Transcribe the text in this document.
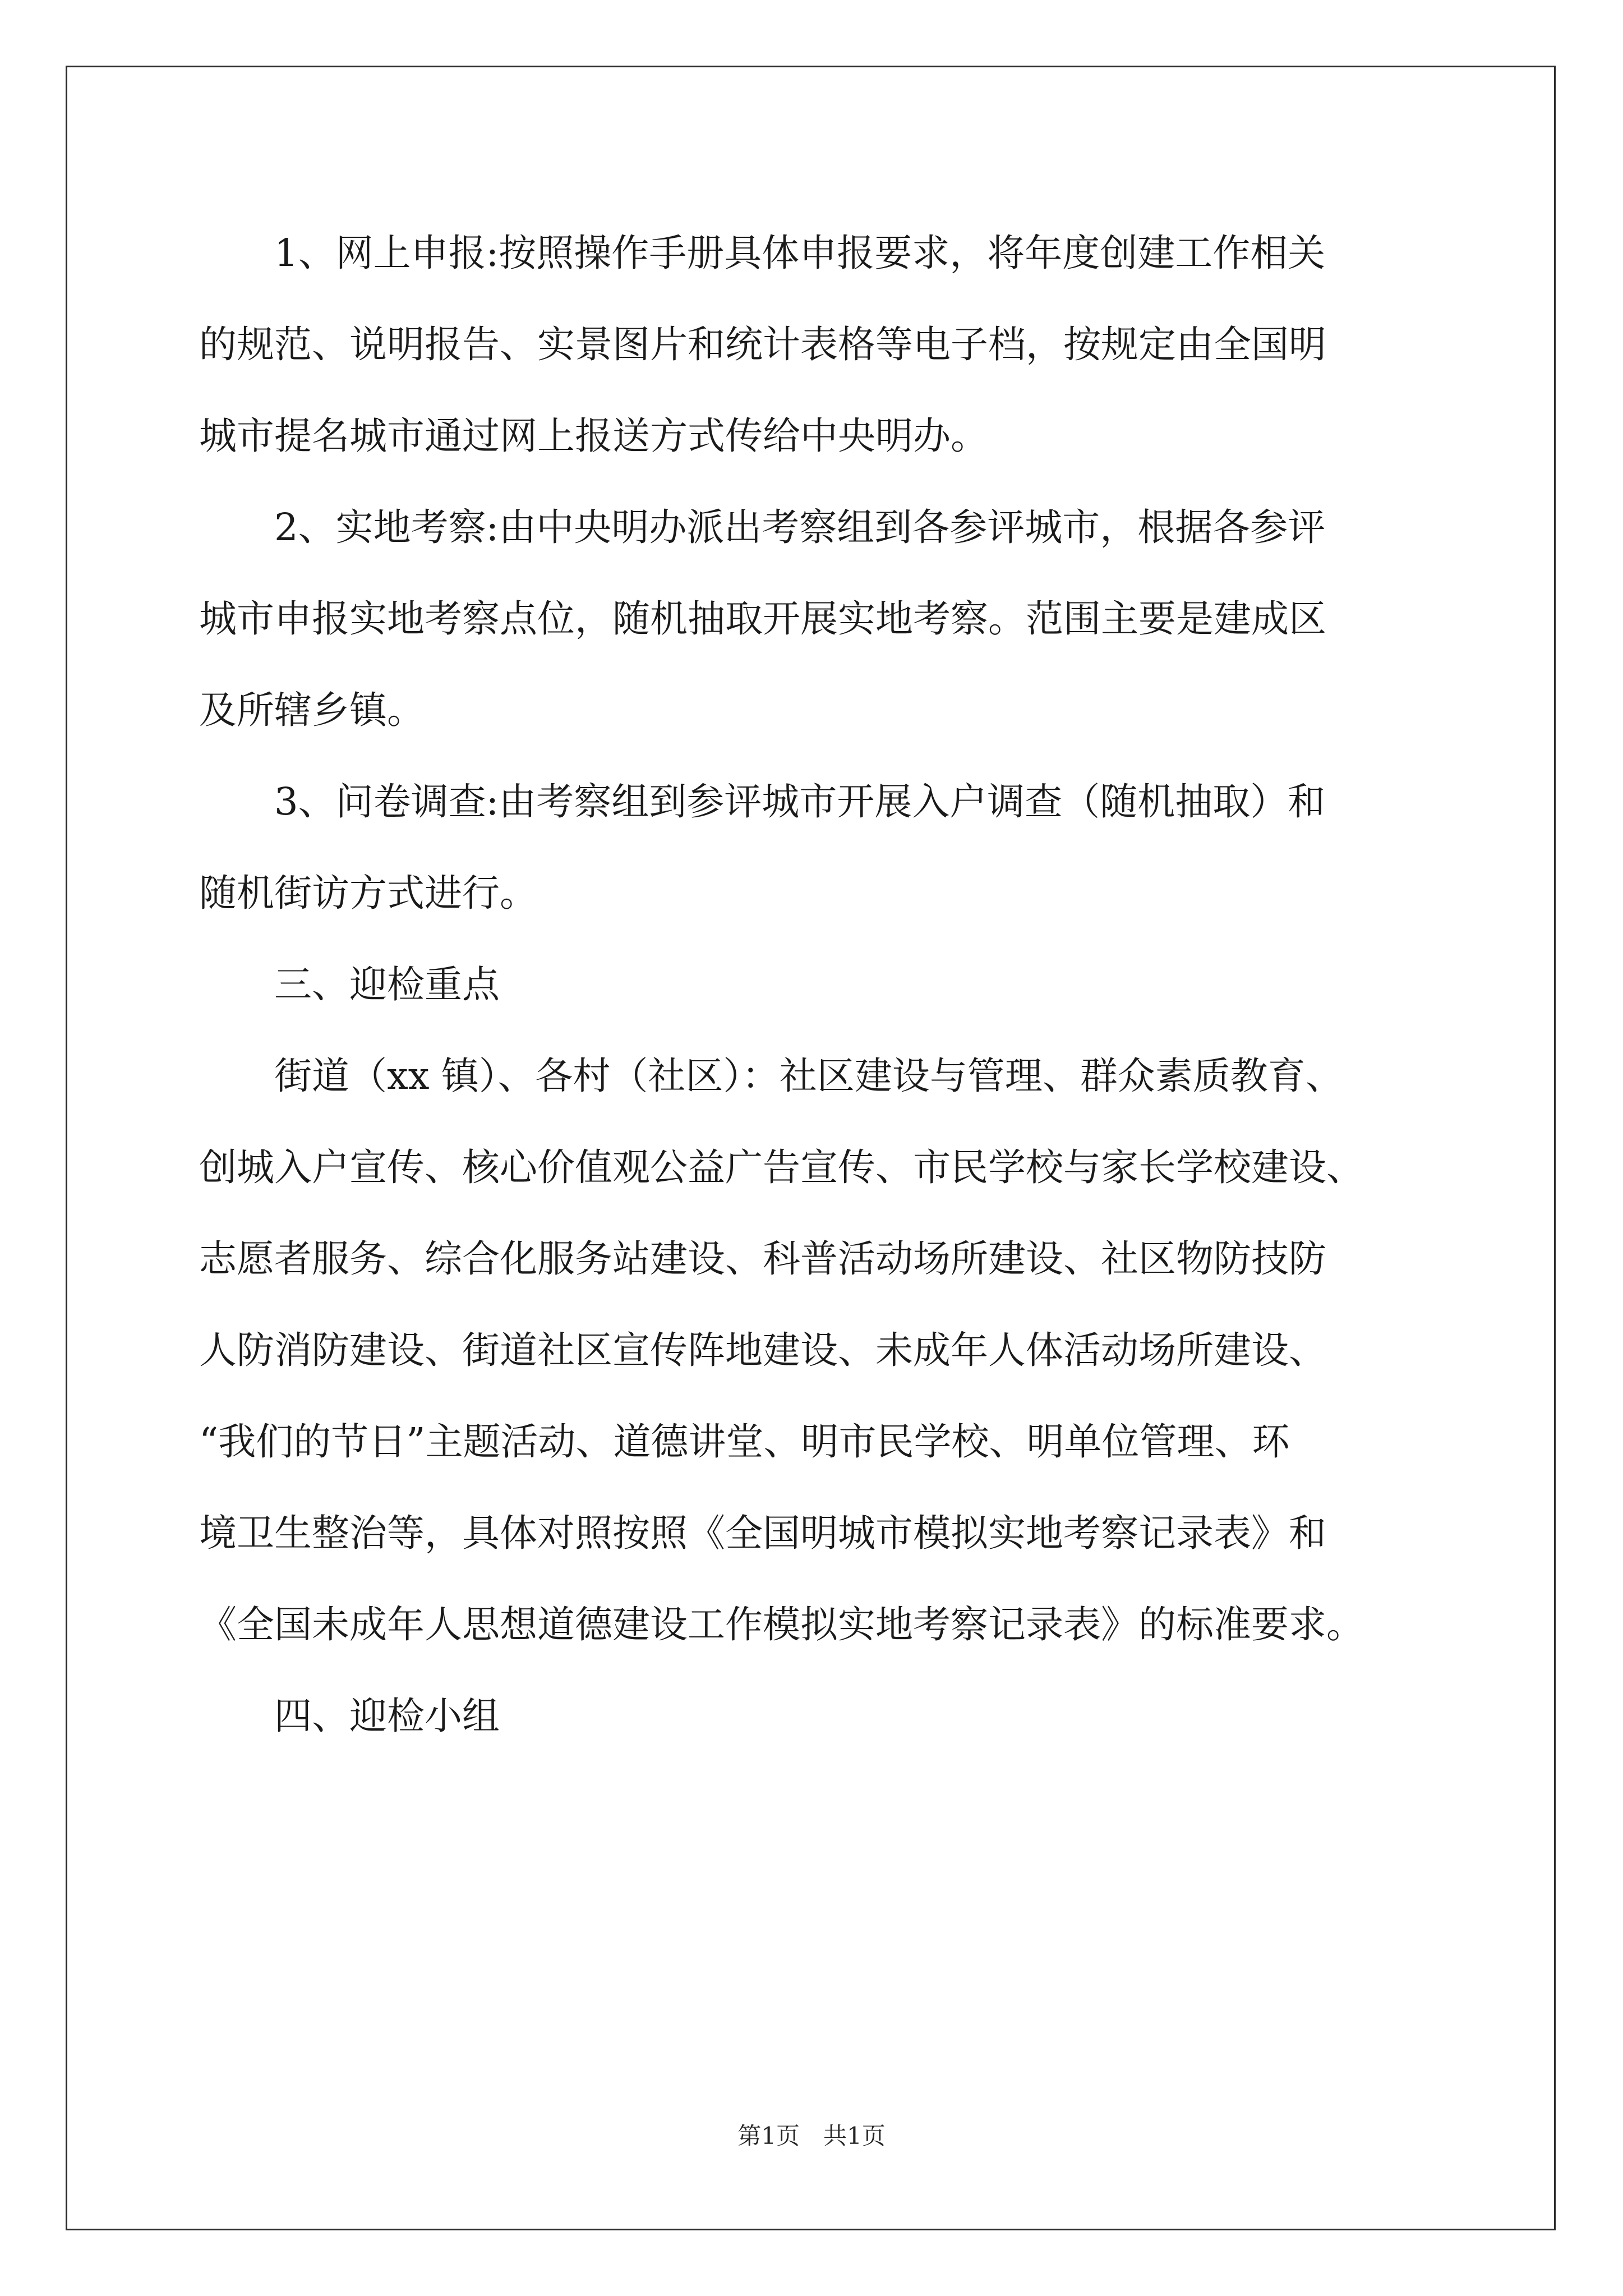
1、网上申报:按照操作手册具体申报要求，将年度创建工作相关
的规范、说明报告、实景图片和统计表格等电子档，按规定由全国明
城市提名城市通过网上报送方式传给中央明办。

2、实地考察:由中央明办派出考察组到各参评城市，根据各参评
城市申报实地考察点位，随机抽取开展实地考察。范围主要是建成区
及所辖乡镇。

3、问卷调查:由考察组到参评城市开展入户调查（随机抽取）和
随机街访方式进行。

三、迎检重点

街道（xx 镇）、各村（社区）：社区建设与管理、群众素质教育、
创城入户宣传、核心价值观公益广告宣传、市民学校与家长学校建设、
志愿者服务、综合化服务站建设、科普活动场所建设、社区物防技防
人防消防建设、街道社区宣传阵地建设、未成年人体活动场所建设、
“我们的节日”主题活动、道德讲堂、明市民学校、明单位管理、环
境卫生整治等，具体对照按照《全国明城市模拟实地考察记录表》和
《全国未成年人思想道德建设工作模拟实地考察记录表》的标准要求。

四、迎检小组

第1页　共1页
